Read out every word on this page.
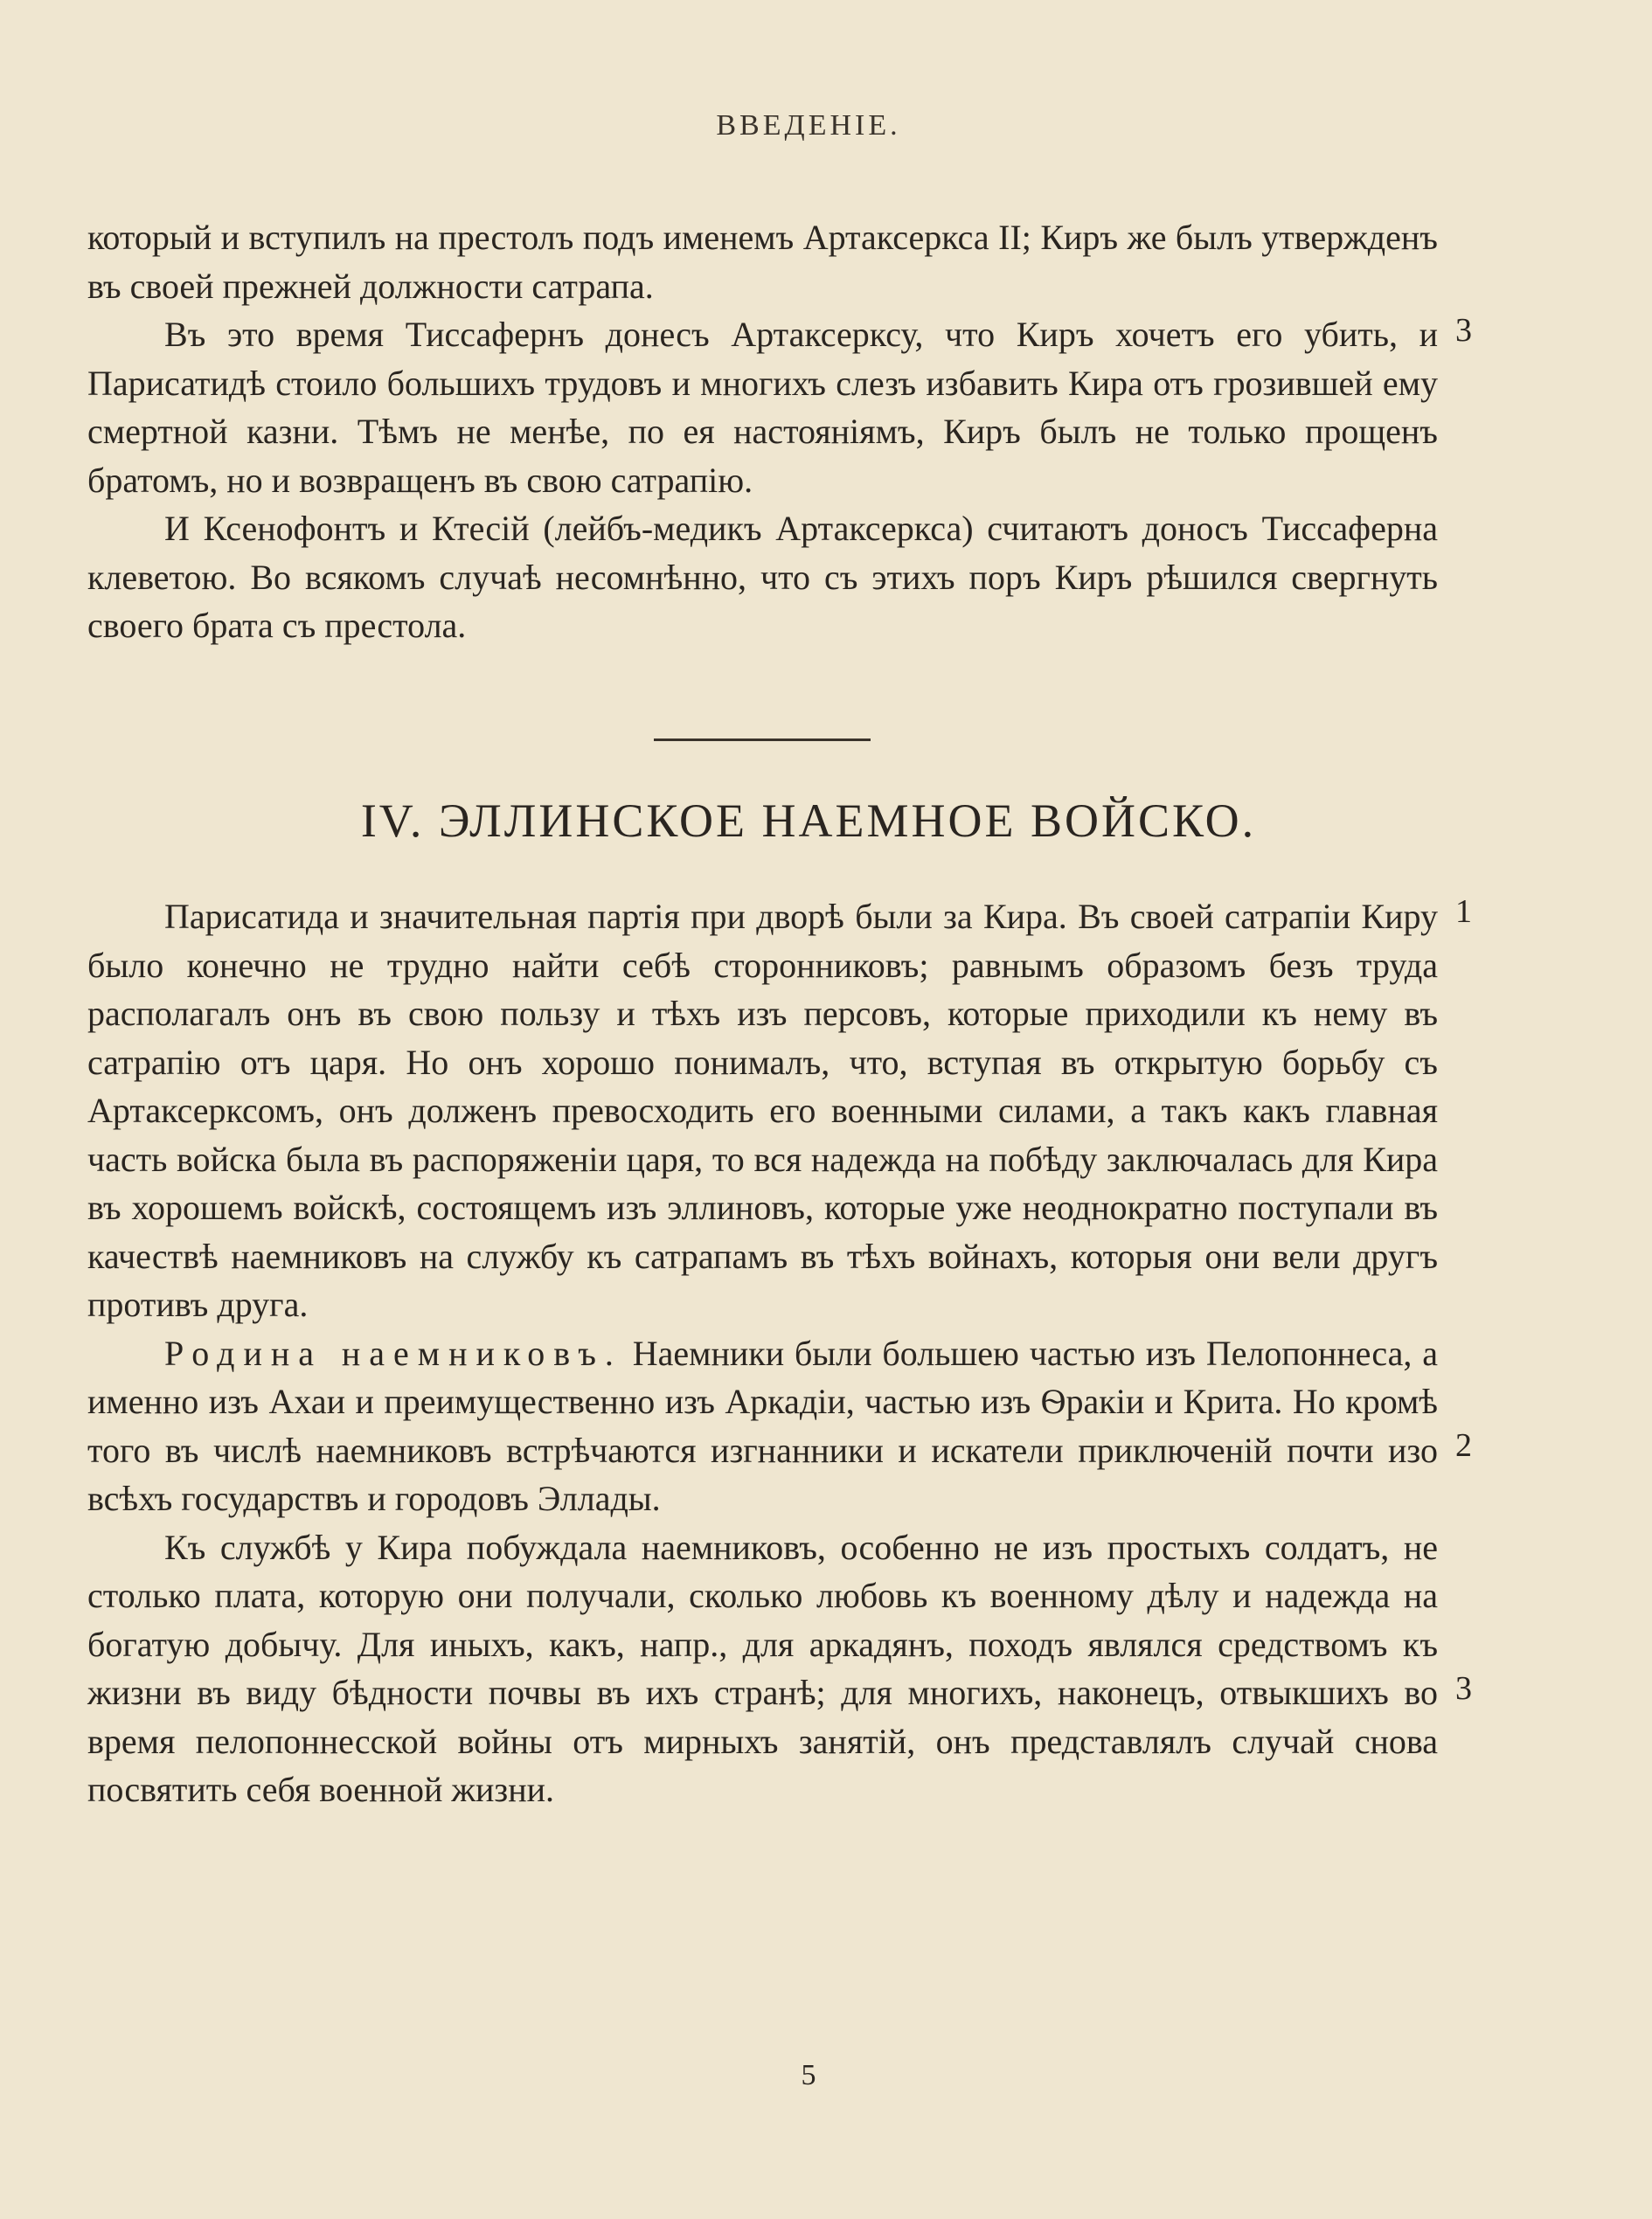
ВВЕДЕНІЕ.

который и вступилъ на престолъ подъ именемъ Артаксеркса II; Киръ же былъ утвержденъ въ своей прежней должности сатрапа.

Въ это время Тиссафернъ донесъ Артаксерксу, что Киръ хочетъ его убить, и Парисатидѣ стоило большихъ трудовъ и многихъ слезъ избавить Кира отъ грозившей ему смертной казни. Тѣмъ не менѣе, по ея настояніямъ, Киръ былъ не только прощенъ братомъ, но и возвращенъ въ свою сатрапію.

И Ксенофонтъ и Ктесій (лейбъ-медикъ Артаксеркса) считаютъ доносъ Тиссаферна клеветою. Во всякомъ случаѣ несомнѣнно, что съ этихъ поръ Киръ рѣшился свергнуть своего брата съ престола.

3
IV. ЭЛЛИНСКОЕ НАЕМНОЕ ВОЙСКО.

Парисатида и значительная партія при дворѣ были за Кира. Въ своей сатрапіи Киру было конечно не трудно найти себѣ сторонниковъ; равнымъ образомъ безъ труда располагалъ онъ въ свою пользу и тѣхъ изъ персовъ, которые приходили къ нему въ сатрапію отъ царя. Но онъ хорошо понималъ, что, вступая въ открытую борьбу съ Артаксерксомъ, онъ долженъ превосходить его военными силами, а такъ какъ главная часть войска была въ распоряженіи царя, то вся надежда на побѣду заключалась для Кира въ хорошемъ войскѣ, состоящемъ изъ эллиновъ, которые уже неоднократно поступали въ качествѣ наемниковъ на службу къ сатрапамъ въ тѣхъ войнахъ, которыя они вели другъ противъ друга.

Родина наемниковъ. Наемники были большею частью изъ Пелопоннеса, а именно изъ Ахаи и преимущественно изъ Аркадіи, частью изъ Ѳракіи и Крита. Но кромѣ того въ числѣ наемниковъ встрѣчаются изгнанники и искатели приключеній почти изо всѣхъ государствъ и городовъ Эллады.

Къ службѣ у Кира побуждала наемниковъ, особенно не изъ простыхъ солдатъ, не столько плата, которую они получали, сколько любовь къ военному дѣлу и надежда на богатую добычу. Для иныхъ, какъ, напр., для аркадянъ, походъ являлся средствомъ къ жизни въ виду бѣдности почвы въ ихъ странѣ; для многихъ, наконецъ, отвыкшихъ во время пелопоннесской войны отъ мирныхъ занятій, онъ представлялъ случай снова посвятить себя военной жизни.

1
2
3
5
